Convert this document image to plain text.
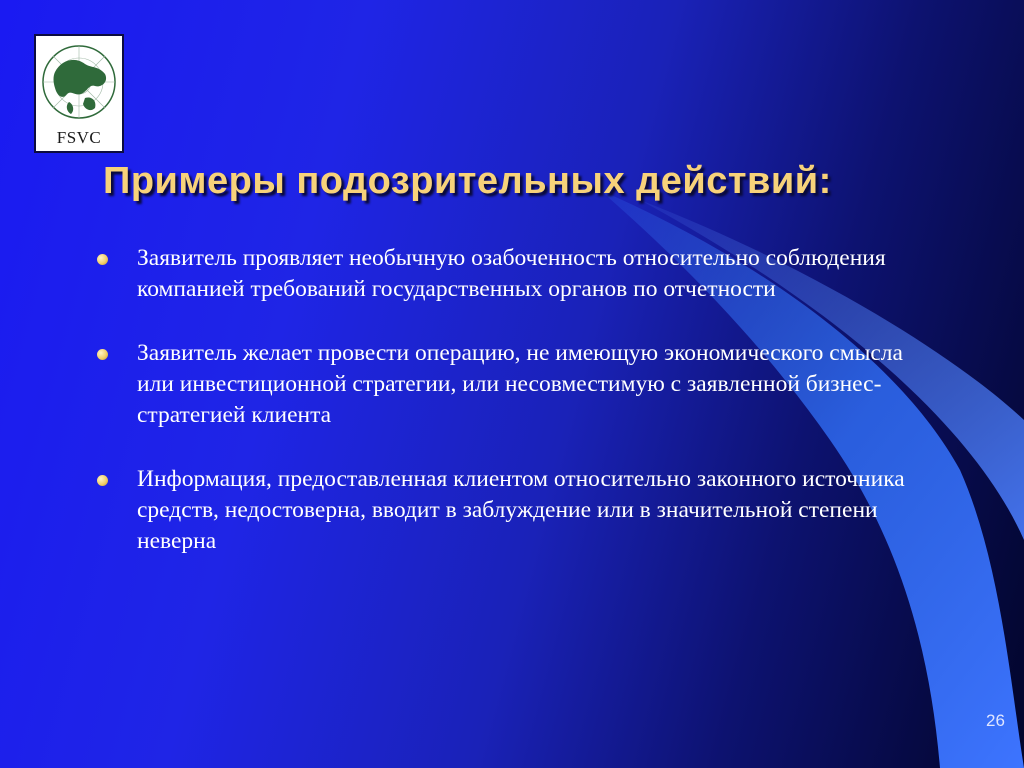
FSVC
Примеры подозрительных действий:
Заявитель проявляет необычную озабоченность относительно соблюдения компанией требований государственных органов по отчетности
Заявитель желает провести операцию, не имеющую экономического смысла или инвестиционной стратегии, или несовместимую с заявленной бизнес-стратегией клиента
Информация, предоставленная клиентом относительно законного источника средств, недостоверна, вводит в заблуждение или в значительной степени неверна
26
